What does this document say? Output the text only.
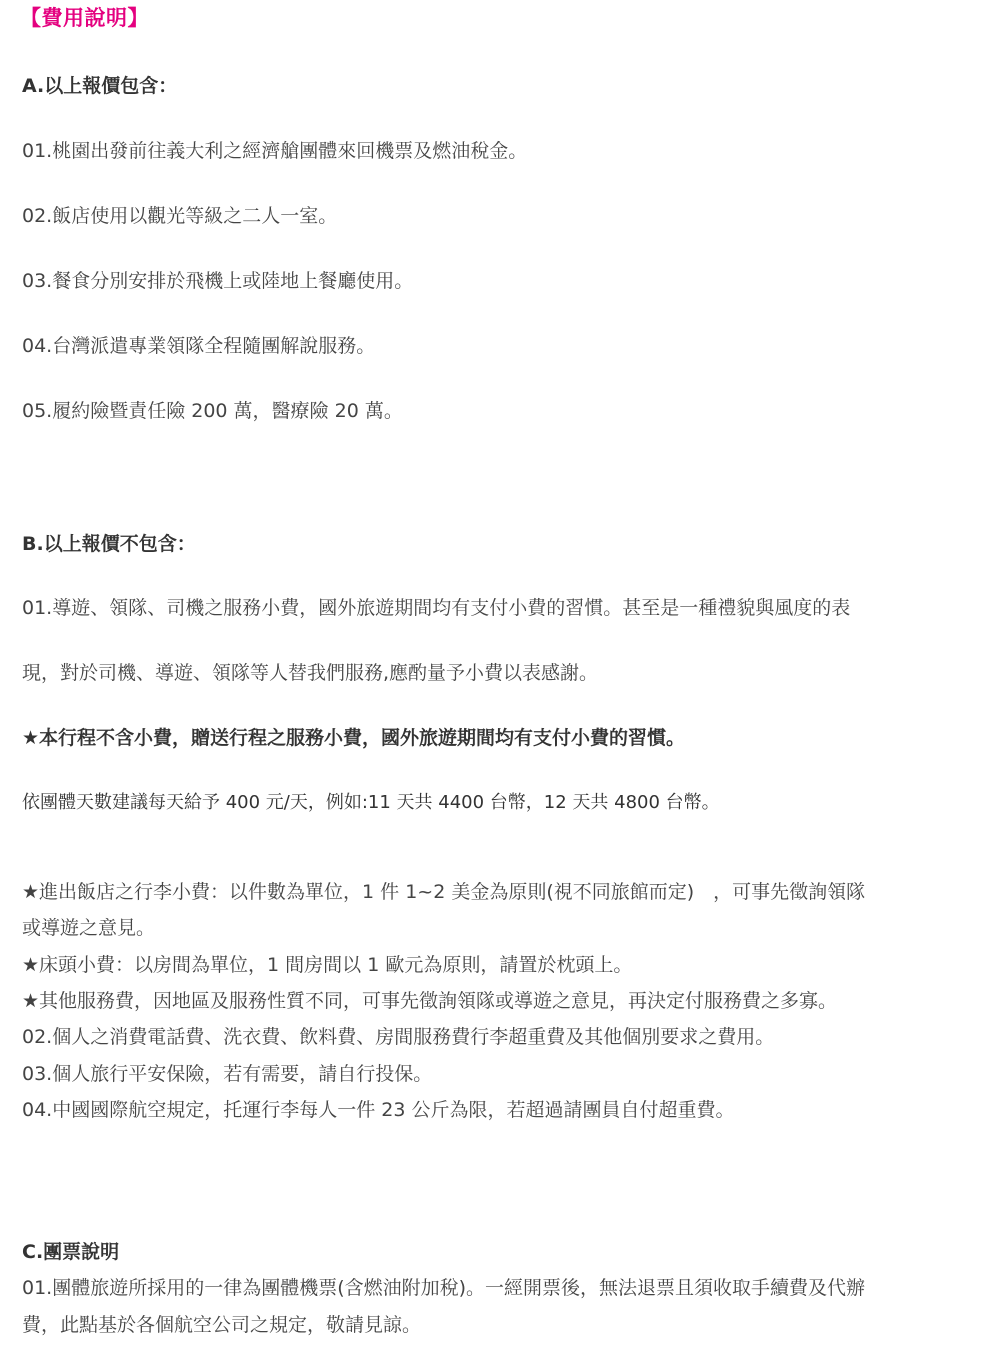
【費用說明】
A.以上報價包含：
01.桃園出發前往義大利之經濟艙團體來回機票及燃油稅金。
02.飯店使用以觀光等級之二人一室。
03.餐食分別安排於飛機上或陸地上餐廳使用。
04.台灣派遣專業領隊全程隨團解說服務。
05.履約險暨責任險 200 萬，醫療險 20 萬。
B.以上報價不包含：
01.導遊、領隊、司機之服務小費，國外旅遊期間均有支付小費的習慣。甚至是一種禮貌與風度的表
現，對於司機、導遊、領隊等人替我們服務,應酌量予小費以表感謝。
★本行程不含小費，贈送行程之服務小費，國外旅遊期間均有支付小費的習慣。
依團體天數建議每天給予 400 元/天，例如:11 天共 4400 台幣，12 天共 4800 台幣。
★進出飯店之行李小費：以件數為單位，1 件 1~2 美金為原則(視不同旅館而定)　，可事先徵詢領隊
或導遊之意見。
★床頭小費：以房間為單位，1 間房間以 1 歐元為原則，請置於枕頭上。
★其他服務費，因地區及服務性質不同，可事先徵詢領隊或導遊之意見，再決定付服務費之多寡。
02.個人之消費電話費、洗衣費、飲料費、房間服務費行李超重費及其他個別要求之費用。
03.個人旅行平安保險，若有需要，請自行投保。
04.中國國際航空規定，托運行李每人一件 23 公斤為限，若超過請團員自付超重費。
C.團票說明
01.團體旅遊所採用的一律為團體機票(含燃油附加稅)。一經開票後，無法退票且須收取手續費及代辦
費，此點基於各個航空公司之規定，敬請見諒。
